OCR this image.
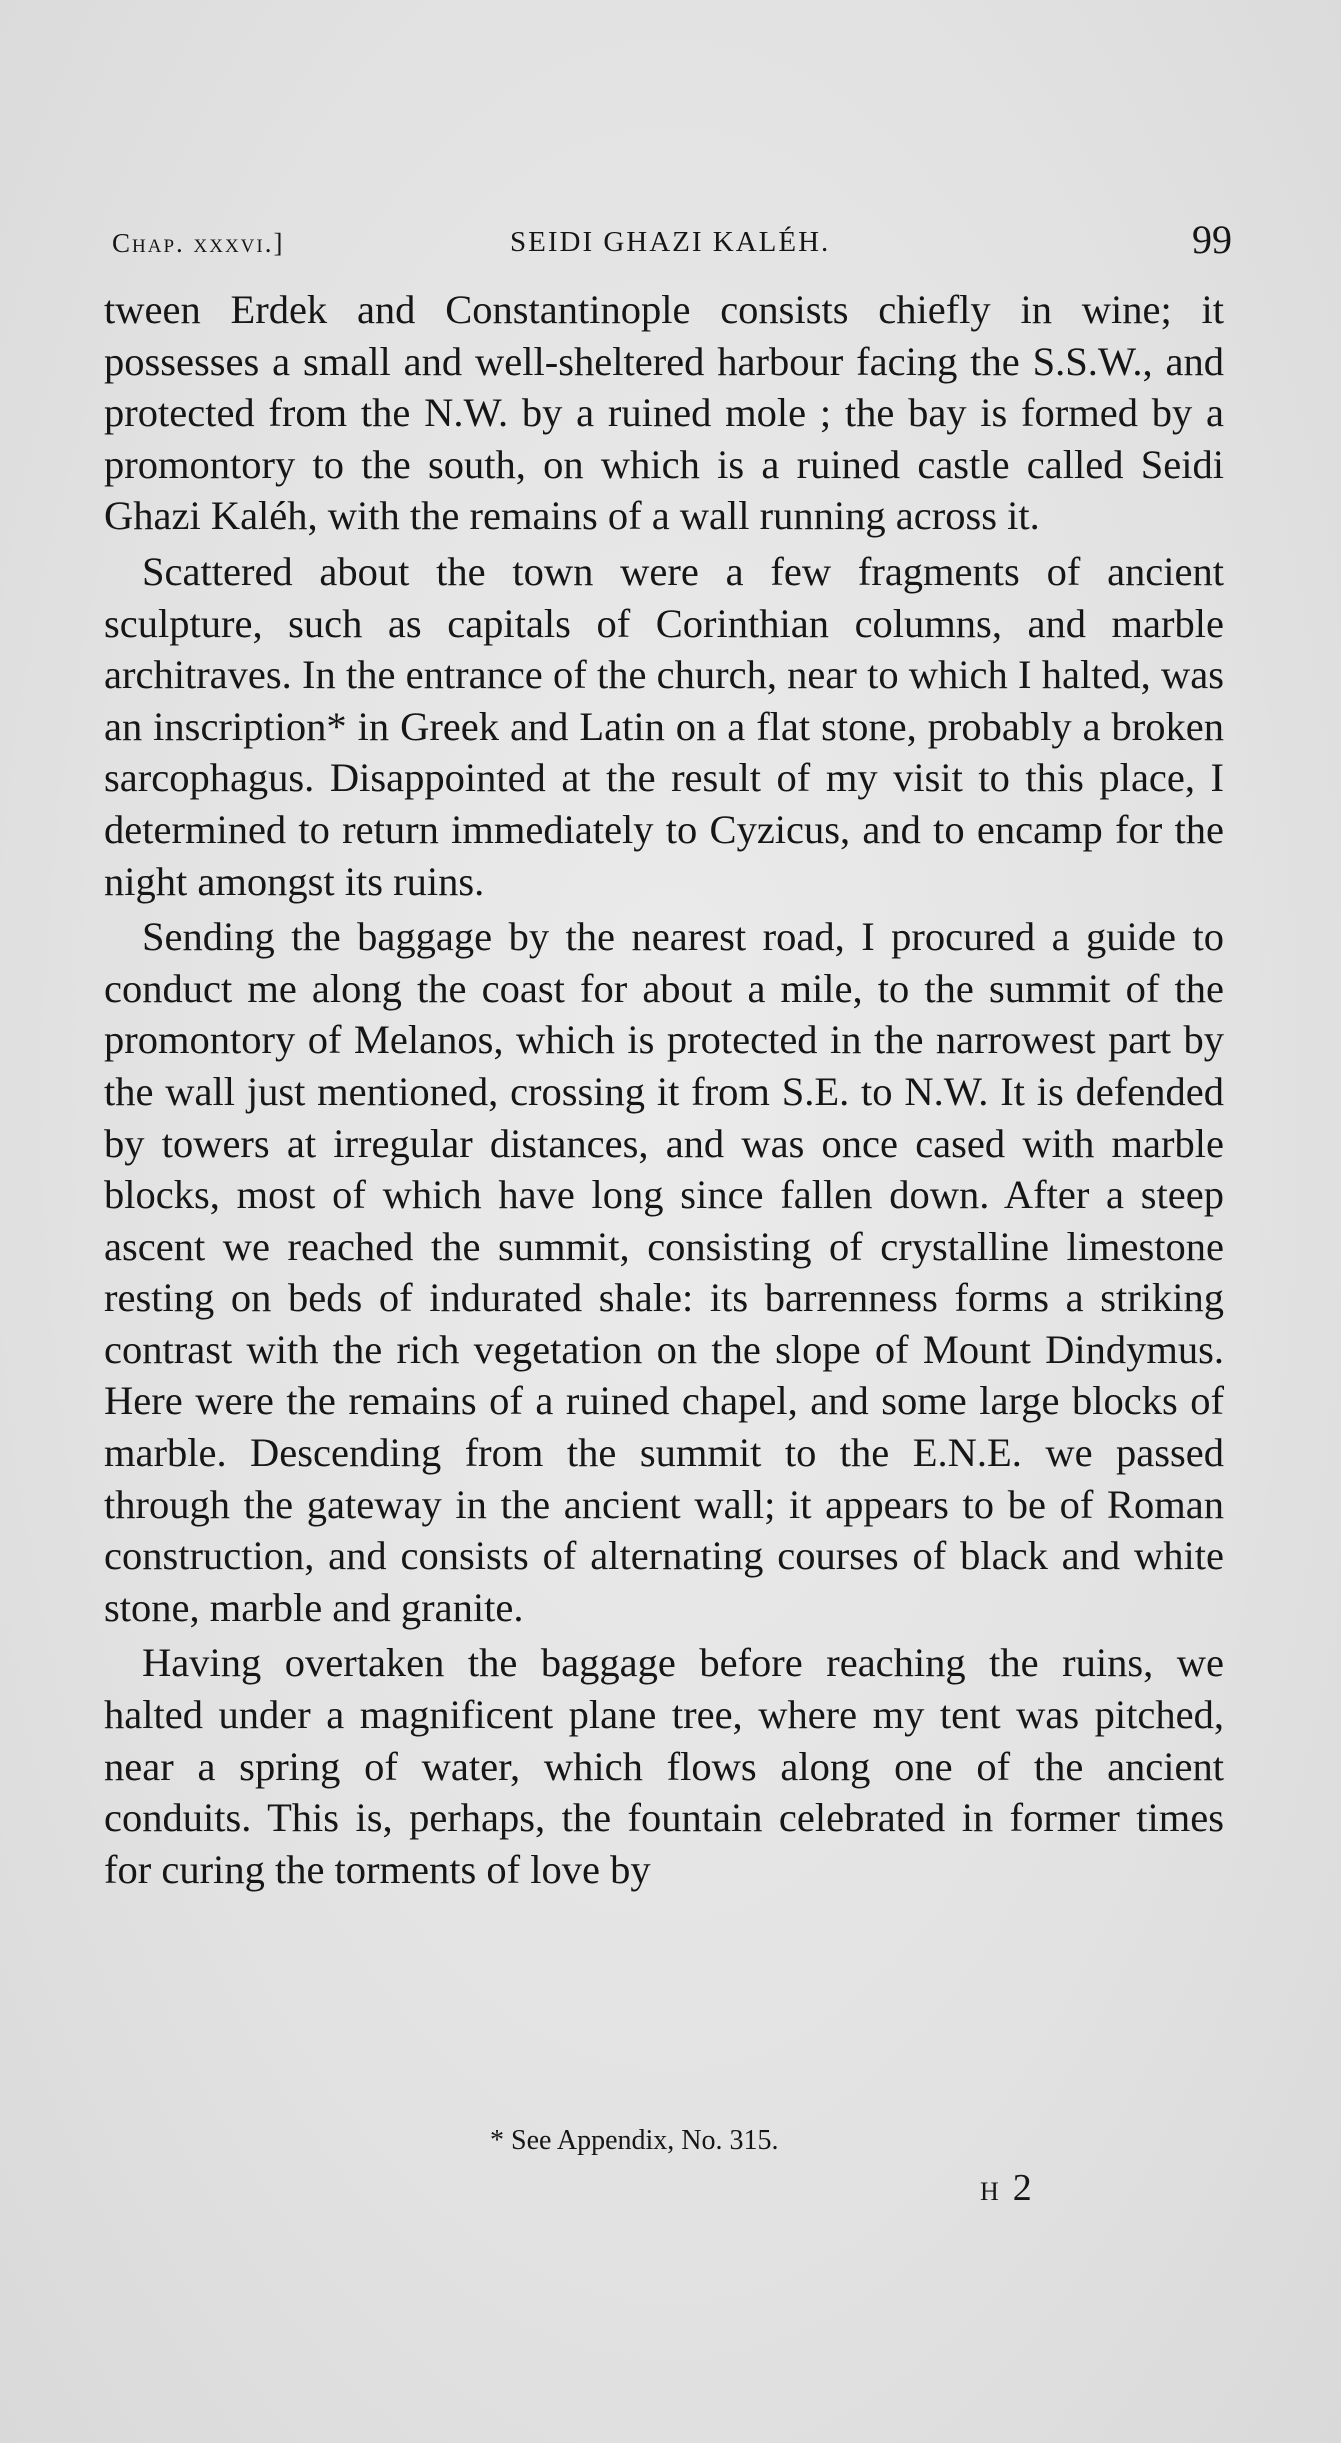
Chap. xxxvi.]	SEIDI GHAZI KALÉH.	99

tween Erdek and Constantinople consists chiefly in wine; it possesses a small and well-sheltered harbour facing the S.S.W., and protected from the N.W. by a ruined mole ; the bay is formed by a promontory to the south, on which is a ruined castle called Seidi Ghazi Kaléh, with the remains of a wall running across it.

Scattered about the town were a few fragments of ancient sculpture, such as capitals of Corinthian columns, and marble architraves. In the entrance of the church, near to which I halted, was an inscription* in Greek and Latin on a flat stone, probably a broken sarcophagus. Disappointed at the result of my visit to this place, I determined to return immediately to Cyzicus, and to encamp for the night amongst its ruins.

Sending the baggage by the nearest road, I procured a guide to conduct me along the coast for about a mile, to the summit of the promontory of Melanos, which is protected in the narrowest part by the wall just mentioned, crossing it from S.E. to N.W. It is defended by towers at irregular distances, and was once cased with marble blocks, most of which have long since fallen down. After a steep ascent we reached the summit, consisting of crystalline limestone resting on beds of indurated shale: its barrenness forms a striking contrast with the rich vegetation on the slope of Mount Dindymus. Here were the remains of a ruined chapel, and some large blocks of marble. Descending from the summit to the E.N.E. we passed through the gateway in the ancient wall; it appears to be of Roman construction, and consists of alternating courses of black and white stone, marble and granite.

Having overtaken the baggage before reaching the ruins, we halted under a magnificent plane tree, where my tent was pitched, near a spring of water, which flows along one of the ancient conduits. This is, perhaps, the fountain celebrated in former times for curing the torments of love by

* See Appendix, No. 315.
H 2
